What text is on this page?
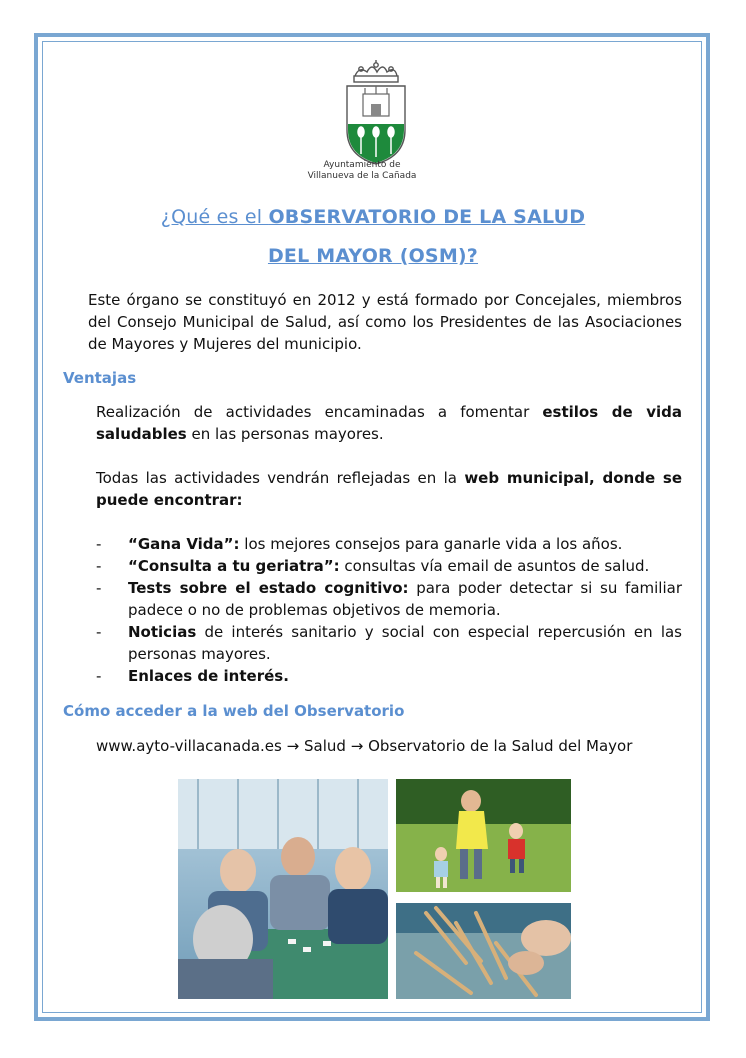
Ayuntamiento de
Villanueva de la Cañada
¿Qué es el OBSERVATORIO DE LA SALUD
DEL MAYOR (OSM)?
Este órgano se constituyó en 2012 y está formado por Concejales, miembros del Consejo Municipal de Salud, así como los Presidentes de las Asociaciones de Mayores y Mujeres del municipio.
Ventajas
Realización de actividades encaminadas a fomentar estilos de vida saludables en las personas mayores.
Todas las actividades vendrán reflejadas en la web municipal, donde se puede encontrar:
- “Gana Vida”: los mejores consejos para ganarle vida a los años.
- “Consulta a tu geriatra”: consultas vía email de asuntos de salud.
- Tests sobre el estado cognitivo: para poder detectar si su familiar padece o no de problemas objetivos de memoria.
- Noticias de interés sanitario y social con especial repercusión en las personas mayores.
- Enlaces de interés.
Cómo acceder a la web del Observatorio
www.ayto-villacanada.es → Salud → Observatorio de la Salud del Mayor
